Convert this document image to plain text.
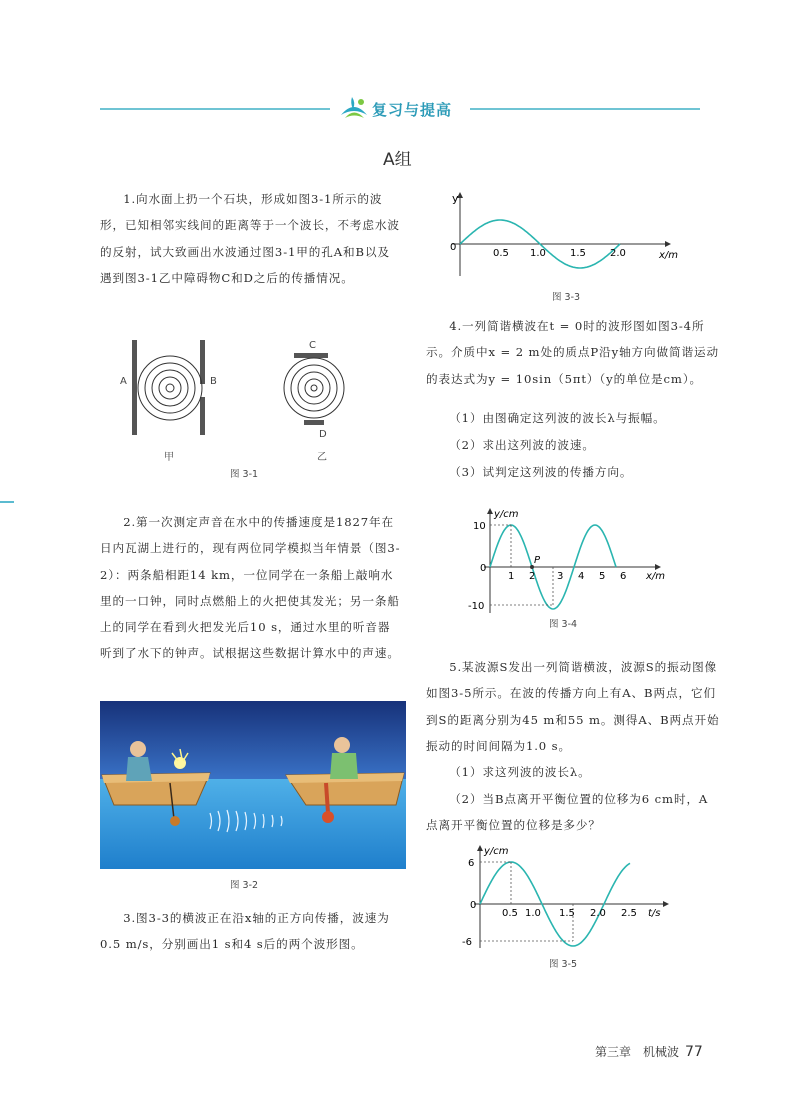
复习与提高
A组

1.向水面上扔一个石块，形成如图3-1所示的波形，已知相邻实线间的距离等于一个波长，不考虑水波的反射，试大致画出水波通过图3-1甲的孔A和B以及遇到图3-1乙中障碍物C和D之后的传播情况。

A	B
C
D
甲	乙
图 3-1

2.第一次测定声音在水中的传播速度是1827年在日内瓦湖上进行的，现有两位同学模拟当年情景（图3-2）：两条船相距14 km，一位同学在一条船上敲响水里的一口钟，同时点燃船上的火把使其发光；另一条船上的同学在看到火把发光后10 s，通过水里的听音器听到了水下的钟声。试根据这些数据计算水中的声速。

图 3-2

3.图3-3的横波正在沿x轴的正方向传播，波速为0.5 m/s，分别画出1 s和4 s后的两个波形图。

y
0
0.5 1.0 1.5 2.0	x/m
图 3-3

4.一列简谐横波在t = 0时的波形图如图3-4所示。介质中x = 2 m处的质点P沿y轴方向做简谐运动的表达式为y = 10sin（5πt）（y的单位是cm）。

（1）由图确定这列波的波长λ与振幅。

（2）求出这列波的波速。

（3）试判定这列波的传播方向。

y/cm
10
-10
0
P
1 2 3 4 5 6 x/m
图 3-4

5.某波源S发出一列简谐横波，波源S的振动图像如图3-5所示。在波的传播方向上有A、B两点，它们到S的距离分别为45 m和55 m。测得A、B两点开始振动的时间间隔为1.0 s。

（1）求这列波的波长λ。

（2）当B点离开平衡位置的位移为6 cm时，A点离开平衡位置的位移是多少？

y/cm
6
-6
0
0.5 1.0 1.5 2.0 2.5 t/s
图 3-5
第三章　机械波 77
